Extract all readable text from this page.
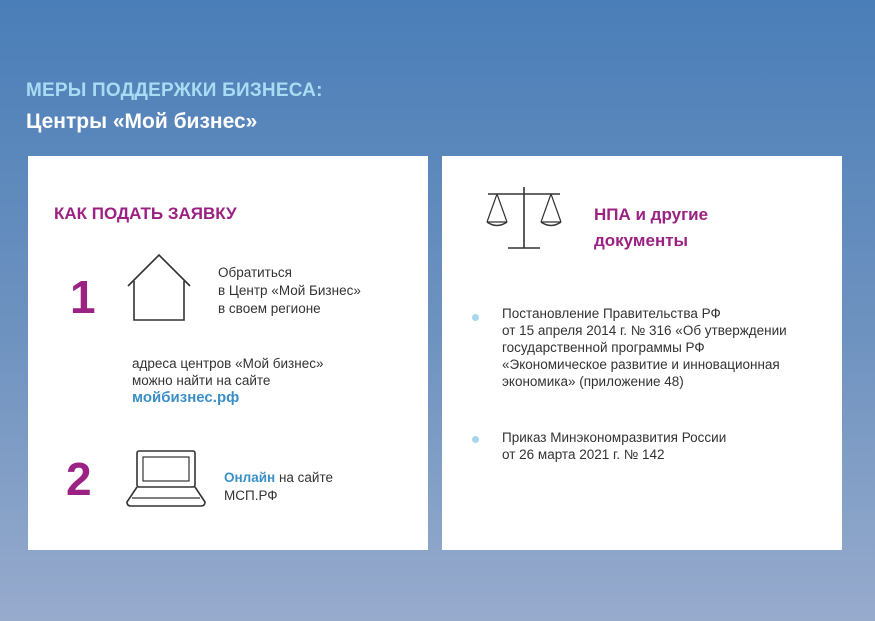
МЕРЫ ПОДДЕРЖКИ БИЗНЕСА:
Центры «Мой бизнес»
КАК ПОДАТЬ ЗАЯВКУ
1	Обратиться
в Центр «Мой Бизнес»
в своем регионе
адреса центров «Мой бизнес»
можно найти на сайте
мойбизнес.рф
2	Онлайн на сайте
МСП.РФ
НПА и другие
документы
Постановление Правительства РФ
от 15 апреля 2014 г. № 316 «Об утверждении
государственной программы РФ
«Экономическое развитие и инновационная
экономика» (приложение 48)
Приказ Минэкономразвития России
от 26 марта 2021 г. № 142
